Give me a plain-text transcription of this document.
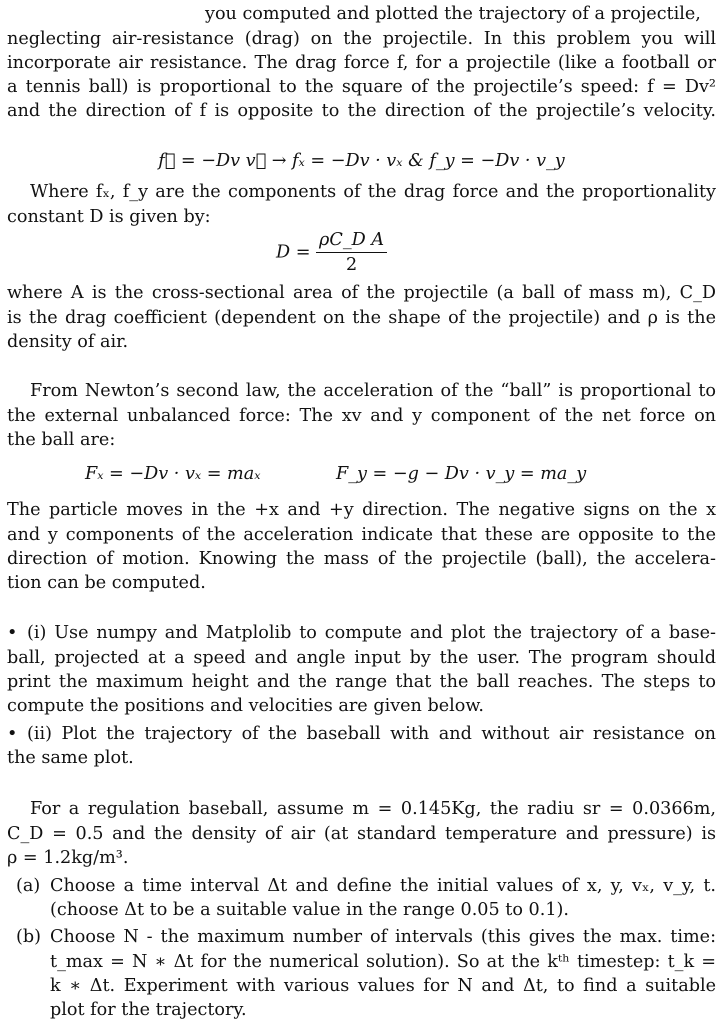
you computed and plotted the trajectory of a projectile,
neglecting air-resistance (drag) on the projectile. In this problem you will
incorporate air resistance. The drag force f, for a projectile (like a football or
a tennis ball) is proportional to the square of the projectile’s speed: f = Dv²
and the direction of f is opposite to the direction of the projectile’s velocity.
f⃗ = −Dv v⃗ → fₓ = −Dv · vₓ & f_y = −Dv · v_y
Where fₓ, f_y are the components of the drag force and the proportionality
constant D is given by:
$D = \frac{\text{ρC\_D A}}{2}$
where A is the cross-sectional area of the projectile (a ball of mass m), C_D
is the drag coefficient (dependent on the shape of the projectile) and ρ is the
density of air.
From Newton’s second law, the acceleration of the “ball” is proportional to
the external unbalanced force: The xv and y component of the net force on
the ball are:
Fₓ = −Dv · vₓ = maₓ	F_y = −g − Dv · v_y = ma_y
The particle moves in the +x and +y direction. The negative signs on the x
and y components of the acceleration indicate that these are opposite to the
direction of motion. Knowing the mass of the projectile (ball), the accelera-
tion can be computed.
• (i) Use numpy and Matplolib to compute and plot the trajectory of a base-
ball, projected at a speed and angle input by the user. The program should
print the maximum height and the range that the ball reaches. The steps to
compute the positions and velocities are given below.
• (ii) Plot the trajectory of the baseball with and without air resistance on
the same plot.
For a regulation baseball, assume m = 0.145Kg, the radiu sr = 0.0366m,
C_D = 0.5 and the density of air (at standard temperature and pressure) is
ρ = 1.2kg/m³.
(a) Choose a time interval Δt and define the initial values of x, y, vₓ, v_y, t.
(choose Δt to be a suitable value in the range 0.05 to 0.1).
(b) Choose N - the maximum number of intervals (this gives the max. time:
t_max = N ∗ Δt for the numerical solution). So at the kᵗʰ timestep: t_k =
k ∗ Δt. Experiment with various values for N and Δt, to find a suitable
plot for the trajectory.
